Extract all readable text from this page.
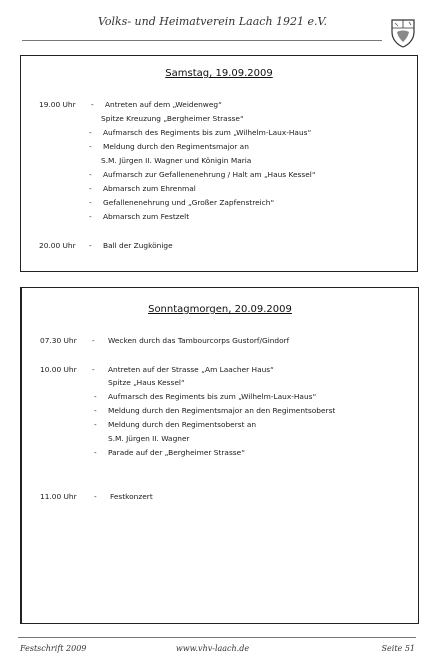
Volks- und Heimatverein Laach 1921 e.V.
Samstag, 19.09.2009
19.00 Uhr - Antreten auf dem „Weidenweg“
Spitze Kreuzung „Bergheimer Strasse“
- Aufmarsch des Regiments bis zum „Wilhelm-Laux-Haus“
- Meldung durch den Regimentsmajor an
S.M. Jürgen II. Wagner und Königin Maria
- Aufmarsch zur Gefallenenehrung / Halt am „Haus Kessel“
- Abmarsch zum Ehrenmal
- Gefallenenehrung und „Großer Zapfenstreich“
- Abmarsch zum Festzelt
20.00 Uhr - Ball der Zugkönige
Sonntagmorgen, 20.09.2009
07.30 Uhr - Wecken durch das Tambourcorps Gustorf/Gindorf
10.00 Uhr - Antreten auf der Strasse „Am Laacher Haus“
Spitze „Haus Kessel“
- Aufmarsch des Regiments bis zum „Wilhelm-Laux-Haus“
- Meldung durch den Regimentsmajor an den Regimentsoberst
- Meldung durch den Regimentsoberst an
S.M. Jürgen II. Wagner
- Parade auf der „Bergheimer Strasse“
11.00 Uhr - Festkonzert
Festschrift 2009	www.vhv-laach.de	Seite 51
